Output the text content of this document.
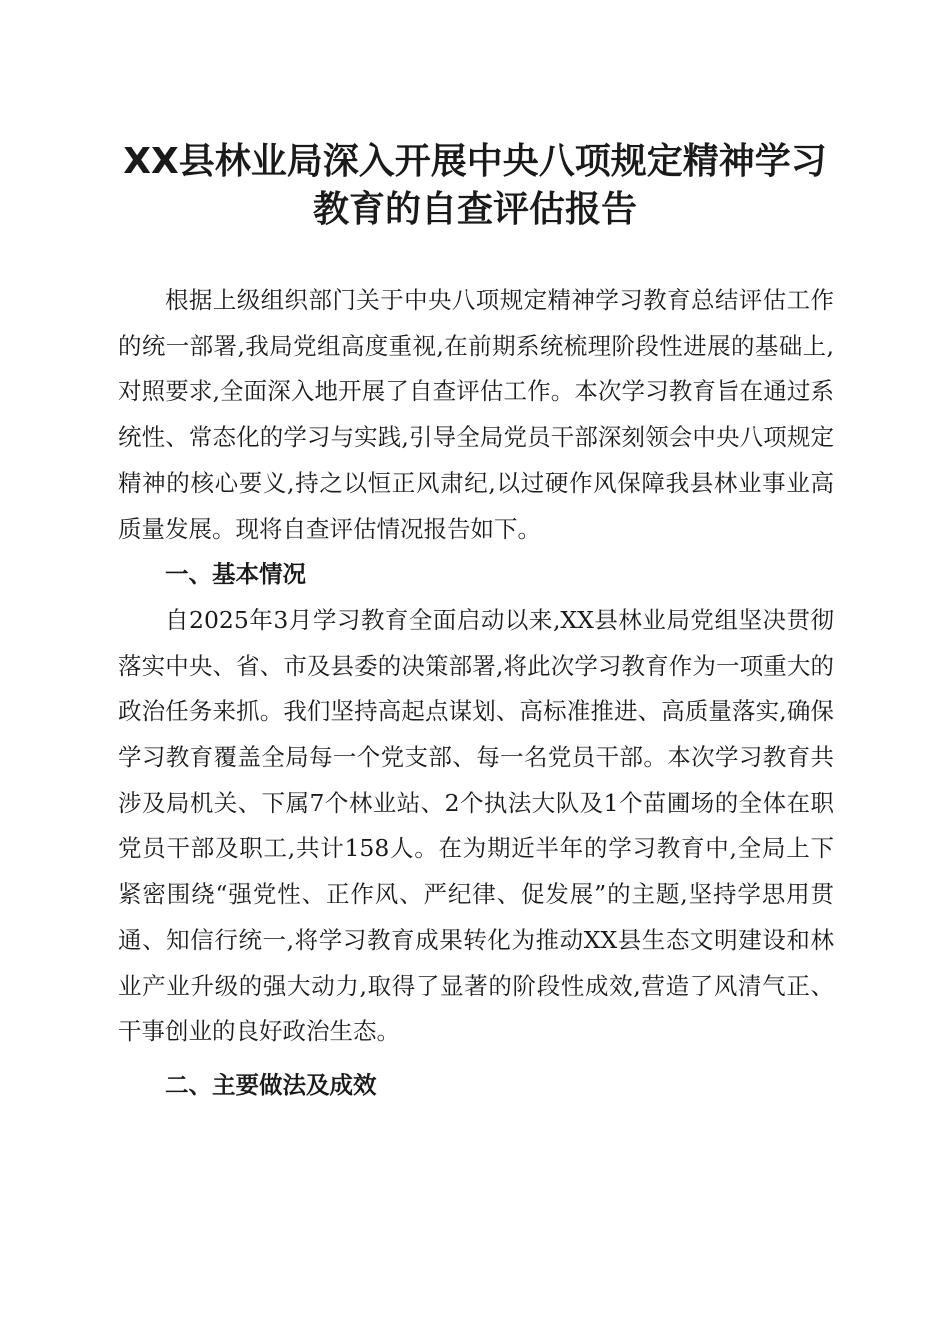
XX县林业局深入开展中央八项规定精神学习
教育的自查评估报告

根据上级组织部门关于中央八项规定精神学习教育总结评估工作的统一部署,我局党组高度重视,在前期系统梳理阶段性进展的基础上,对照要求,全面深入地开展了自查评估工作。本次学习教育旨在通过系统性、常态化的学习与实践,引导全局党员干部深刻领会中央八项规定精神的核心要义,持之以恒正风肃纪,以过硬作风保障我县林业事业高质量发展。现将自查评估情况报告如下。

一、基本情况

自2025年3月学习教育全面启动以来,XX县林业局党组坚决贯彻落实中央、省、市及县委的决策部署,将此次学习教育作为一项重大的政治任务来抓。我们坚持高起点谋划、高标准推进、高质量落实,确保学习教育覆盖全局每一个党支部、每一名党员干部。本次学习教育共涉及局机关、下属7个林业站、2个执法大队及1个苗圃场的全体在职党员干部及职工,共计158人。在为期近半年的学习教育中,全局上下紧密围绕“强党性、正作风、严纪律、促发展”的主题,坚持学思用贯通、知信行统一,将学习教育成果转化为推动XX县生态文明建设和林业产业升级的强大动力,取得了显著的阶段性成效,营造了风清气正、干事创业的良好政治生态。

二、主要做法及成效
